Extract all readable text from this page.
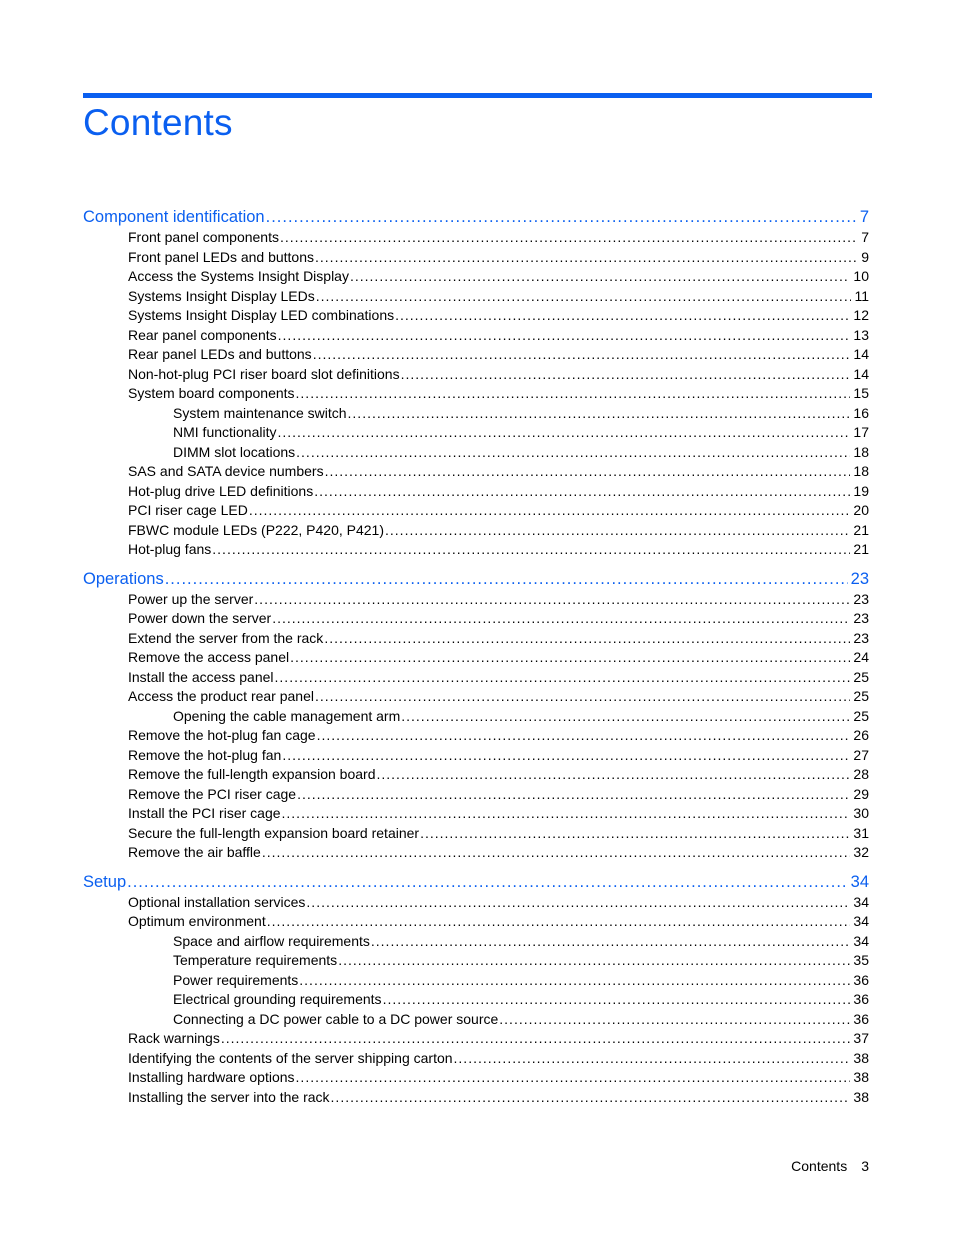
Contents
Component identification .....	7
Front panel components .....	7
Front panel LEDs and buttons .....	9
Access the Systems Insight Display .....	10
Systems Insight Display LEDs .....	11
Systems Insight Display LED combinations .....	12
Rear panel components .....	13
Rear panel LEDs and buttons .....	14
Non-hot-plug PCI riser board slot definitions .....	14
System board components .....	15
System maintenance switch .....	16
NMI functionality .....	17
DIMM slot locations .....	18
SAS and SATA device numbers .....	18
Hot-plug drive LED definitions .....	19
PCI riser cage LED .....	20
FBWC module LEDs (P222, P420, P421) .....	21
Hot-plug fans .....	21
Operations .....	23
Power up the server .....	23
Power down the server .....	23
Extend the server from the rack .....	23
Remove the access panel .....	24
Install the access panel .....	25
Access the product rear panel .....	25
Opening the cable management arm .....	25
Remove the hot-plug fan cage .....	26
Remove the hot-plug fan .....	27
Remove the full-length expansion board .....	28
Remove the PCI riser cage .....	29
Install the PCI riser cage .....	30
Secure the full-length expansion board retainer .....	31
Remove the air baffle .....	32
Setup .....	34
Optional installation services .....	34
Optimum environment .....	34
Space and airflow requirements .....	34
Temperature requirements .....	35
Power requirements .....	36
Electrical grounding requirements .....	36
Connecting a DC power cable to a DC power source .....	36
Rack warnings .....	37
Identifying the contents of the server shipping carton .....	38
Installing hardware options .....	38
Installing the server into the rack .....	38
Contents 3
